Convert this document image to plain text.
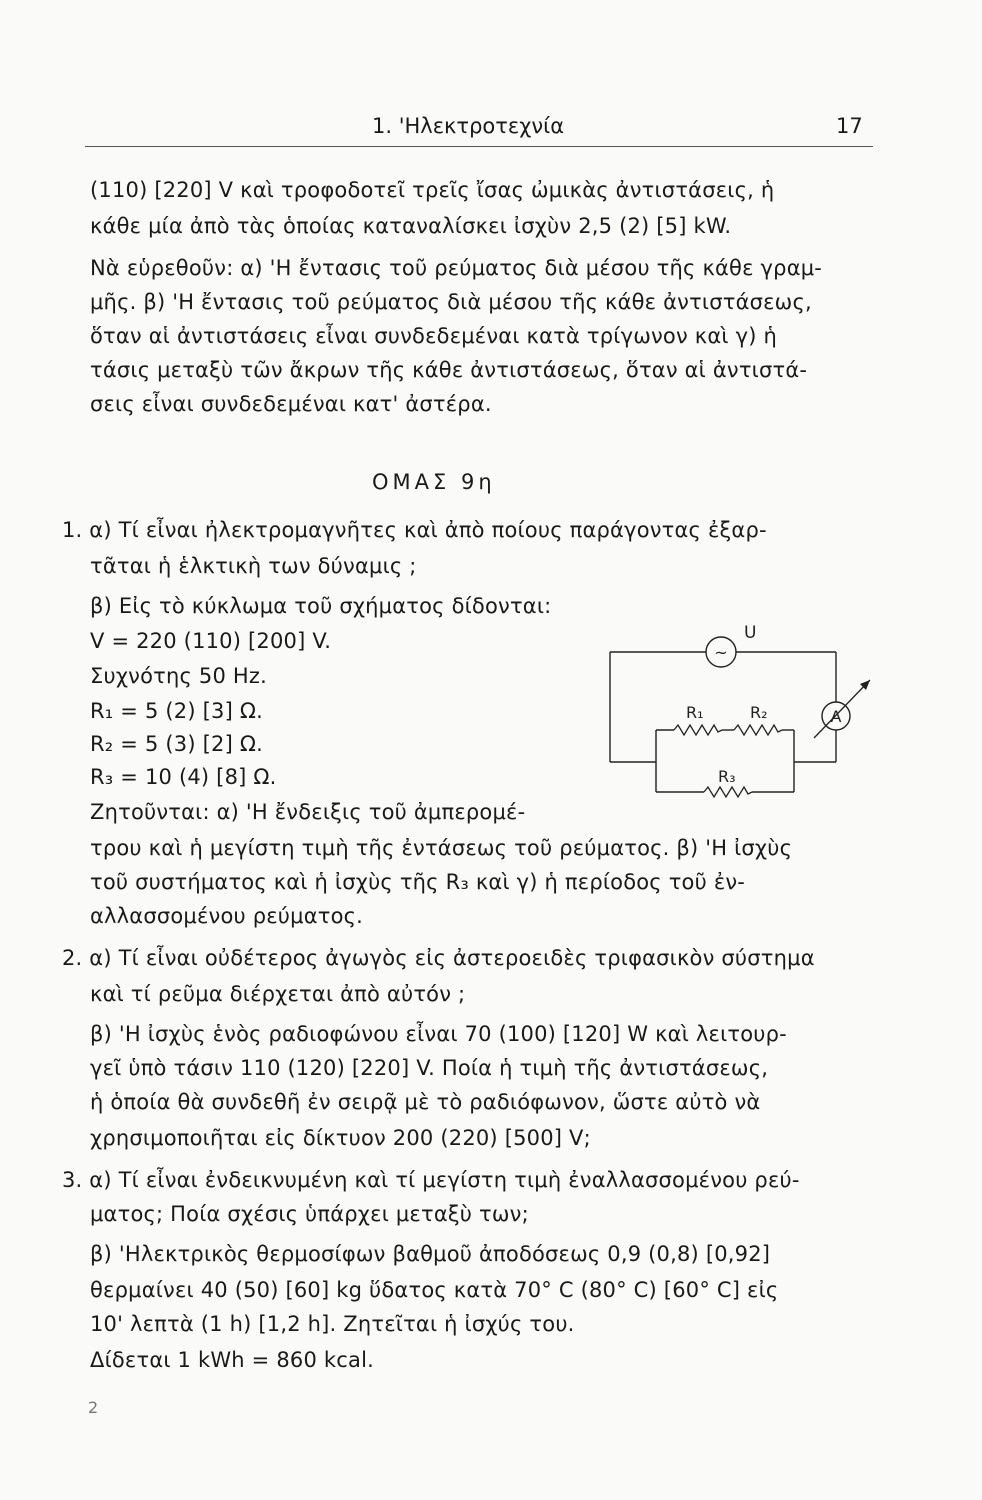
1. 'Ηλεκτροτεχνία	17
(110) [220] V καὶ τροφοδοτεῖ τρεῖς ἴσας ὠμικὰς ἀντιστάσεις, ἡ
κάθε μία ἀπὸ τὰς ὁποίας καταναλίσκει ἰσχὺν 2,5 (2) [5] kW.
Νὰ εὑρεθοῦν: α) 'Η ἔντασις τοῦ ρεύματος διὰ μέσου τῆς κάθε γραμ-
μῆς. β) 'Η ἔντασις τοῦ ρεύματος διὰ μέσου τῆς κάθε ἀντιστάσεως,
ὅταν αἱ ἀντιστάσεις εἶναι συνδεδεμέναι κατὰ τρίγωνον καὶ γ) ἡ
τάσις μεταξὺ τῶν ἄκρων τῆς κάθε ἀντιστάσεως, ὅταν αἱ ἀντιστά-
σεις εἶναι συνδεδεμέναι κατ' ἀστέρα.
ΟΜΑΣ 9η
1. α) Τί εἶναι ἠλεκτρομαγνῆτες καὶ ἀπὸ ποίους παράγοντας ἐξαρ-
τᾶται ἡ ἑλκτικὴ των δύναμις ;
β) Εἰς τὸ κύκλωμα τοῦ σχήματος δίδονται:
V = 220 (110) [200] V.
Συχνότης 50 Hz.
R₁ = 5 (2) [3] Ω.
R₂ = 5 (3) [2] Ω.
R₃ = 10 (4) [8] Ω.
Ζητοῦνται: α) 'Η ἔνδειξις τοῦ ἀμπερομέ-
τρου καὶ ἡ μεγίστη τιμὴ τῆς ἐντάσεως τοῦ ρεύματος. β) 'Η ἰσχὺς
τοῦ συστήματος καὶ ἡ ἰσχὺς τῆς R₃ καὶ γ) ἡ περίοδος τοῦ ἐν-
αλλασσομένου ρεύματος.
2. α) Τί εἶναι οὐδέτερος ἀγωγὸς εἰς ἀστεροειδὲς τριφασικὸν σύστημα
καὶ τί ρεῦμα διέρχεται ἀπὸ αὐτόν ;
β) 'Η ἰσχὺς ἑνὸς ραδιοφώνου εἶναι 70 (100) [120] W καὶ λειτουρ-
γεῖ ὑπὸ τάσιν 110 (120) [220] V. Ποία ἡ τιμὴ τῆς ἀντιστάσεως,
ἡ ὁποία θὰ συνδεθῆ ἐν σειρᾷ μὲ τὸ ραδιόφωνον, ὥστε αὐτὸ νὰ
χρησιμοποιῆται εἰς δίκτυον 200 (220) [500] V;
3. α) Τί εἶναι ἐνδεικνυμένη καὶ τί μεγίστη τιμὴ ἐναλλασσομένου ρεύ-
ματος; Ποία σχέσις ὑπάρχει μεταξὺ των;
β) 'Ηλεκτρικὸς θερμοσίφων βαθμοῦ ἀποδόσεως 0,9 (0,8) [0,92]
θερμαίνει 40 (50) [60] kg ὕδατος κατὰ 70° C (80° C) [60° C] εἰς
10' λεπτὰ (1 h) [1,2 h]. Ζητεῖται ἡ ἰσχύς του.
Δίδεται 1 kWh = 860 kcal.
~
U
A
R₁	R₂
R₃
2
